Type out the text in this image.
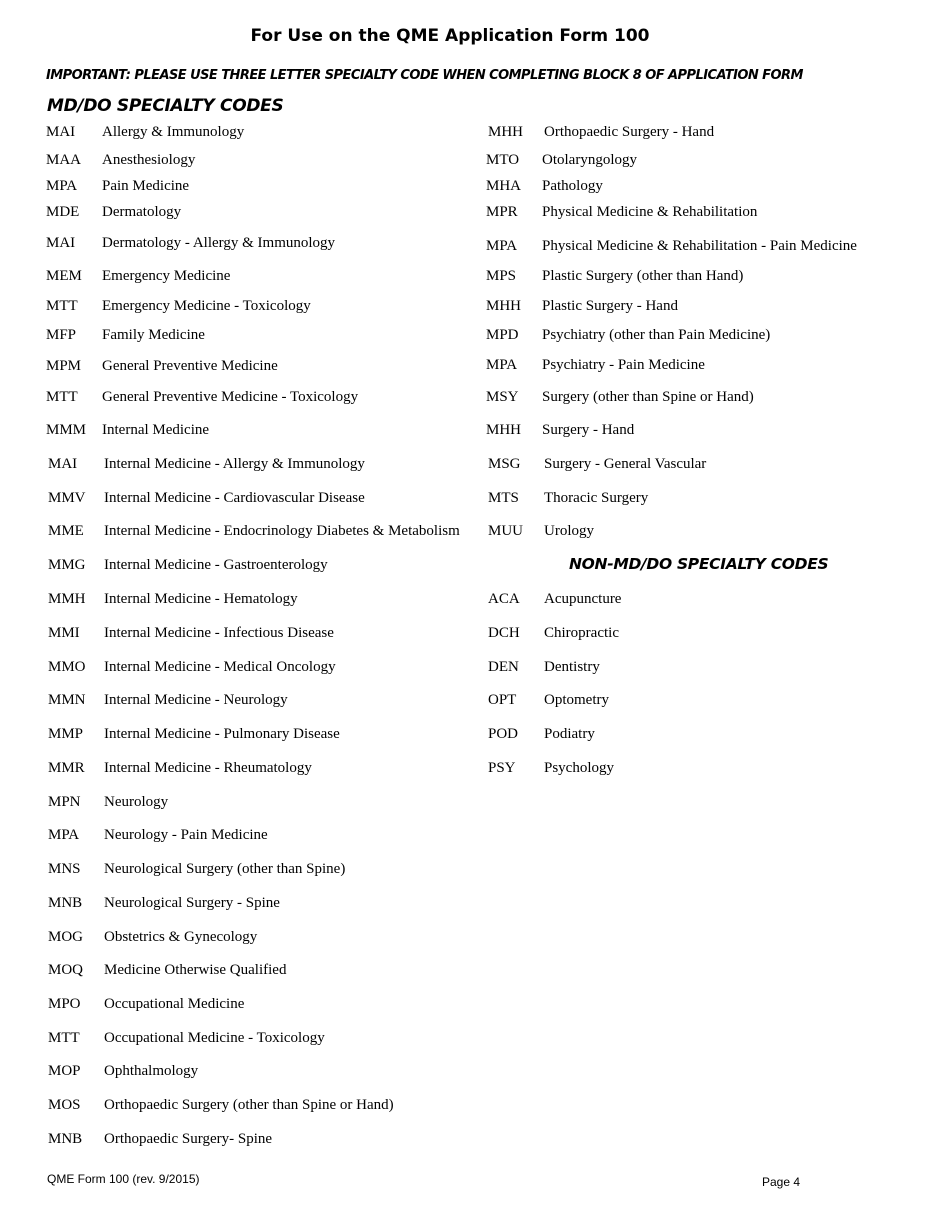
For Use on the QME Application Form 100
IMPORTANT: PLEASE USE THREE LETTER SPECIALTY CODE WHEN COMPLETING BLOCK 8 OF APPLICATION FORM
MD/DO SPECIALTY CODES
MAI Allergy & Immunology
MAA Anesthesiology
MPA Pain Medicine
MDE Dermatology
MAI Dermatology - Allergy & Immunology
MEM Emergency Medicine
MTT Emergency Medicine - Toxicology
MFP Family Medicine
MPM General Preventive Medicine
MTT General Preventive Medicine - Toxicology
MMM Internal Medicine
MAI Internal Medicine - Allergy & Immunology
MMV Internal Medicine - Cardiovascular Disease
MME Internal Medicine - Endocrinology Diabetes & Metabolism
MMG Internal Medicine - Gastroenterology
MMH Internal Medicine - Hematology
MMI Internal Medicine - Infectious Disease
MMO Internal Medicine - Medical Oncology
MMN Internal Medicine - Neurology
MMP Internal Medicine - Pulmonary Disease
MMR Internal Medicine - Rheumatology
MPN Neurology
MPA Neurology - Pain Medicine
MNS Neurological Surgery (other than Spine)
MNB Neurological Surgery - Spine
MOG Obstetrics & Gynecology
MOQ Medicine Otherwise Qualified
MPO Occupational Medicine
MTT Occupational Medicine - Toxicology
MOP Ophthalmology
MOS Orthopaedic Surgery (other than Spine or Hand)
MNB Orthopaedic Surgery- Spine
MHH Orthopaedic Surgery - Hand
MTO Otolaryngology
MHA Pathology
MPR Physical Medicine & Rehabilitation
MPA Physical Medicine & Rehabilitation - Pain Medicine
MPS Plastic Surgery (other than Hand)
MHH Plastic Surgery - Hand
MPD Psychiatry (other than Pain Medicine)
MPA Psychiatry - Pain Medicine
MSY Surgery (other than Spine or Hand)
MHH Surgery - Hand
MSG Surgery - General Vascular
MTS Thoracic Surgery
MUU Urology
NON-MD/DO SPECIALTY CODES
ACA Acupuncture
DCH Chiropractic
DEN Dentistry
OPT Optometry
POD Podiatry
PSY Psychology
QME Form 100 (rev. 9/2015)	Page 4
